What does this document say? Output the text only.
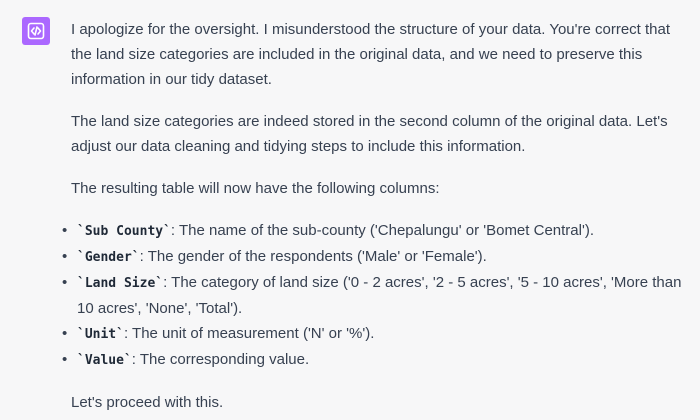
I apologize for the oversight. I misunderstood the structure of your data. You're correct that the land size categories are included in the original data, and we need to preserve this information in our tidy dataset.

The land size categories are indeed stored in the second column of the original data. Let's adjust our data cleaning and tidying steps to include this information.

The resulting table will now have the following columns:

• `Sub County`: The name of the sub-county ('Chepalungu' or 'Bomet Central').
• `Gender`: The gender of the respondents ('Male' or 'Female').
• `Land Size`: The category of land size ('0 - 2 acres', '2 - 5 acres', '5 - 10 acres', 'More than 10 acres', 'None', 'Total').
• `Unit`: The unit of measurement ('N' or '%').
• `Value`: The corresponding value.

Let's proceed with this.
